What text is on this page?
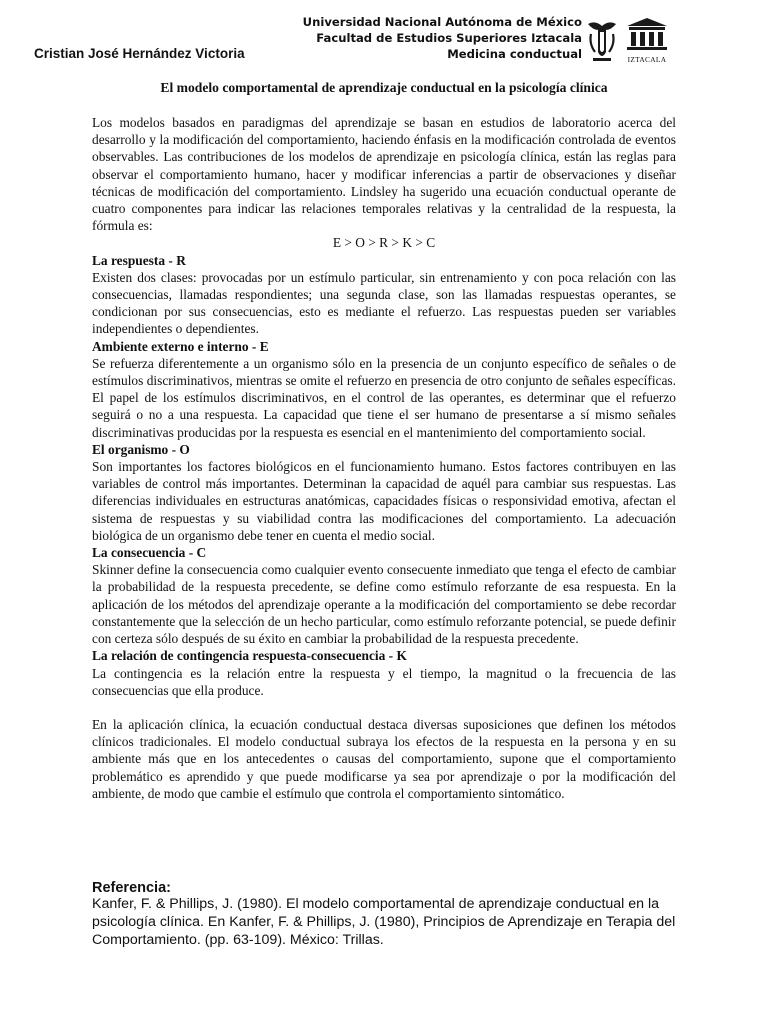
Cristian José Hernández Victoria
Universidad Nacional Autónoma de México
Facultad de Estudios Superiores Iztacala
Medicina conductual	IZTACALA
El modelo comportamental de aprendizaje conductual en la psicología clínica

Los modelos basados en paradigmas del aprendizaje se basan en estudios de laboratorio acerca del desarrollo y la modificación del comportamiento, haciendo énfasis en la modificación controlada de eventos observables. Las contribuciones de los modelos de aprendizaje en psicología clínica, están las reglas para observar el comportamiento humano, hacer y modificar inferencias a partir de observaciones y diseñar técnicas de modificación del comportamiento. Lindsley ha sugerido una ecuación conductual operante de cuatro componentes para indicar las relaciones temporales relativas y la centralidad de la respuesta, la fórmula es:

E > O > R > K > C

La respuesta - R

Existen dos clases: provocadas por un estímulo particular, sin entrenamiento y con poca relación con las consecuencias, llamadas respondientes; una segunda clase, son las llamadas respuestas operantes, se condicionan por sus consecuencias, esto es mediante el refuerzo. Las respuestas pueden ser variables independientes o dependientes.

Ambiente externo e interno - E

Se refuerza diferentemente a un organismo sólo en la presencia de un conjunto específico de señales o de estímulos discriminativos, mientras se omite el refuerzo en presencia de otro conjunto de señales específicas. El papel de los estímulos discriminativos, en el control de las operantes, es determinar que el refuerzo seguirá o no a una respuesta. La capacidad que tiene el ser humano de presentarse a sí mismo señales discriminativas producidas por la respuesta es esencial en el mantenimiento del comportamiento social.

El organismo - O

Son importantes los factores biológicos en el funcionamiento humano. Estos factores contribuyen en las variables de control más importantes. Determinan la capacidad de aquél para cambiar sus respuestas. Las diferencias individuales en estructuras anatómicas, capacidades físicas o responsividad emotiva, afectan el sistema de respuestas y su viabilidad contra las modificaciones del comportamiento. La adecuación biológica de un organismo debe tener en cuenta el medio social.

La consecuencia - C

Skinner define la consecuencia como cualquier evento consecuente inmediato que tenga el efecto de cambiar la probabilidad de la respuesta precedente, se define como estímulo reforzante de esa respuesta. En la aplicación de los métodos del aprendizaje operante a la modificación del comportamiento se debe recordar constantemente que la selección de un hecho particular, como estímulo reforzante potencial, se puede definir con certeza sólo después de su éxito en cambiar la probabilidad de la respuesta precedente.

La relación de contingencia respuesta-consecuencia - K

La contingencia es la relación entre la respuesta y el tiempo, la magnitud o la frecuencia de las consecuencias que ella produce.

En la aplicación clínica, la ecuación conductual destaca diversas suposiciones que definen los métodos clínicos tradicionales. El modelo conductual subraya los efectos de la respuesta en la persona y en su ambiente más que en los antecedentes o causas del comportamiento, supone que el comportamiento problemático es aprendido y que puede modificarse ya sea por aprendizaje o por la modificación del ambiente, de modo que cambie el estímulo que controla el comportamiento sintomático.

Referencia:
Kanfer, F. & Phillips, J. (1980). El modelo comportamental de aprendizaje conductual en la psicología clínica. En Kanfer, F. & Phillips, J. (1980), Principios de Aprendizaje en Terapia del Comportamiento. (pp. 63-109). México: Trillas.
